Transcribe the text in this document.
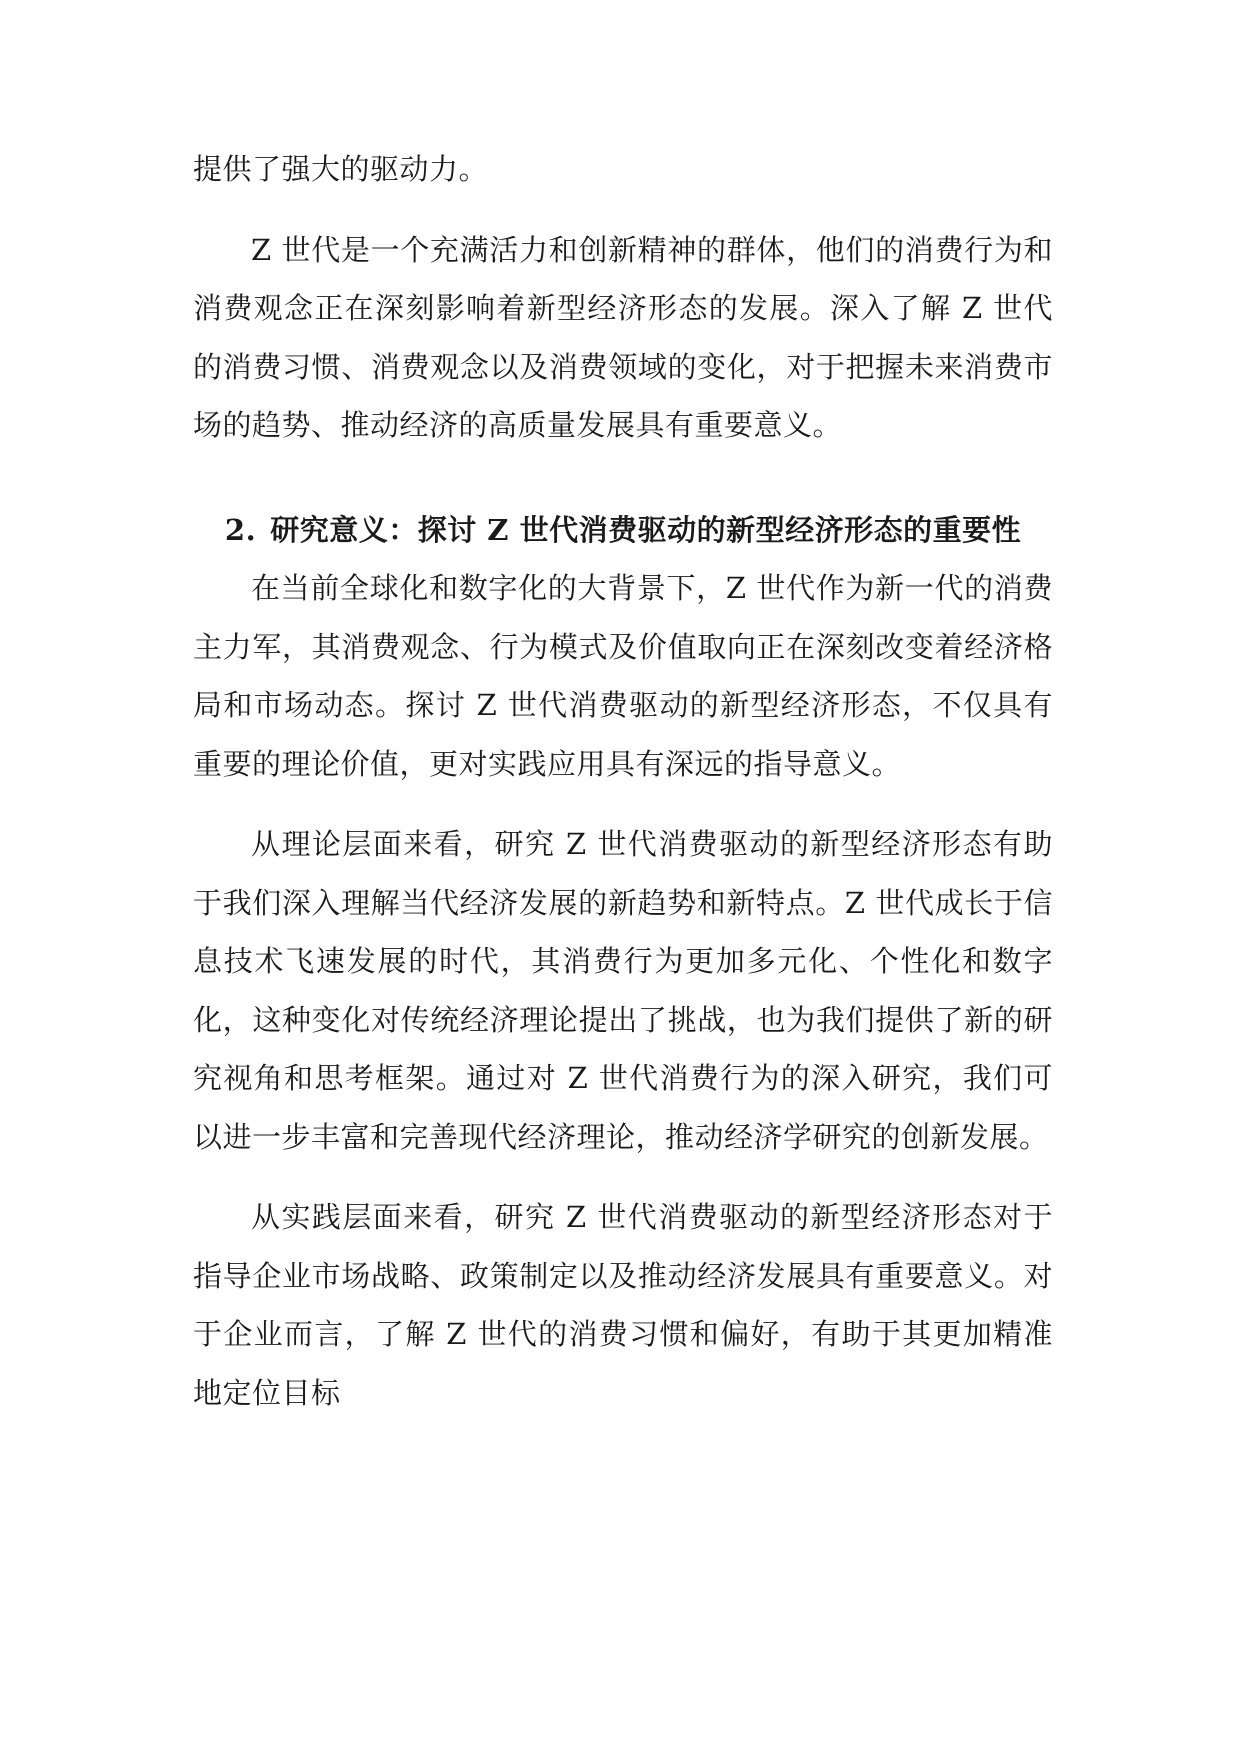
提供了强大的驱动力。

Z 世代是一个充满活力和创新精神的群体，他们的消费行为和消费观念正在深刻影响着新型经济形态的发展。深入了解 Z 世代的消费习惯、消费观念以及消费领域的变化，对于把握未来消费市场的趋势、推动经济的高质量发展具有重要意义。

2. 研究意义：探讨 Z 世代消费驱动的新型经济形态的重要性

在当前全球化和数字化的大背景下，Z 世代作为新一代的消费主力军，其消费观念、行为模式及价值取向正在深刻改变着经济格局和市场动态。探讨 Z 世代消费驱动的新型经济形态，不仅具有重要的理论价值，更对实践应用具有深远的指导意义。

从理论层面来看，研究 Z 世代消费驱动的新型经济形态有助于我们深入理解当代经济发展的新趋势和新特点。Z 世代成长于信息技术飞速发展的时代，其消费行为更加多元化、个性化和数字化，这种变化对传统经济理论提出了挑战，也为我们提供了新的研究视角和思考框架。通过对 Z 世代消费行为的深入研究，我们可以进一步丰富和完善现代经济理论，推动经济学研究的创新发展。

从实践层面来看，研究 Z 世代消费驱动的新型经济形态对于指导企业市场战略、政策制定以及推动经济发展具有重要意义。对于企业而言，了解 Z 世代的消费习惯和偏好，有助于其更加精准地定位目标
